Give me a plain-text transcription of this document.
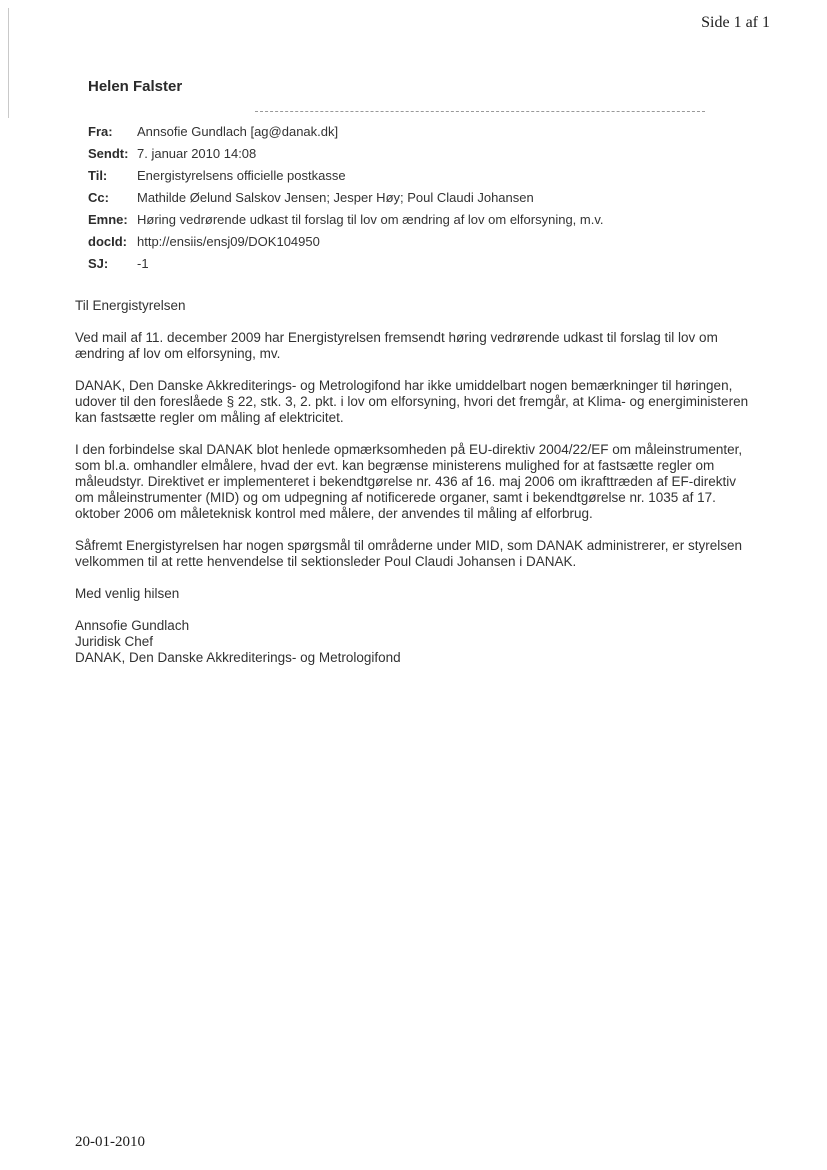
Side 1 af 1
Helen Falster
Fra:	Annsofie Gundlach [ag@danak.dk]
Sendt: 7. januar 2010 14:08
Til:	Energistyrelsens officielle postkasse
Cc:	Mathilde Øelund Salskov Jensen; Jesper Høy; Poul Claudi Johansen
Emne: Høring vedrørende udkast til forslag til lov om ændring af lov om elforsyning, m.v.
docId: http://ensiis/ensj09/DOK104950
SJ:	-1

Til Energistyrelsen

Ved mail af 11. december 2009 har Energistyrelsen fremsendt høring vedrørende udkast til forslag til lov om ændring af lov om elforsyning, mv.

DANAK, Den Danske Akkrediterings- og Metrologifond har ikke umiddelbart nogen bemærkninger til høringen, udover til den foreslåede § 22, stk. 3, 2. pkt. i lov om elforsyning, hvori det fremgår, at Klima- og energiministeren kan fastsætte regler om måling af elektricitet.

I den forbindelse skal DANAK blot henlede opmærksomheden på EU-direktiv 2004/22/EF om måleinstrumenter, som bl.a. omhandler elmålere, hvad der evt. kan begrænse ministerens mulighed for at fastsætte regler om måleudstyr. Direktivet er implementeret i bekendtgørelse nr. 436 af 16. maj 2006 om ikrafttræden af EF-direktiv om måleinstrumenter (MID) og om udpegning af notificerede organer, samt i bekendtgørelse nr. 1035 af 17. oktober 2006 om måleteknisk kontrol med målere, der anvendes til måling af elforbrug.

Såfremt Energistyrelsen har nogen spørgsmål til områderne under MID, som DANAK administrerer, er styrelsen velkommen til at rette henvendelse til sektionsleder Poul Claudi Johansen i DANAK.

Med venlig hilsen

Annsofie Gundlach
Juridisk Chef
DANAK, Den Danske Akkrediterings- og Metrologifond
20-01-2010
